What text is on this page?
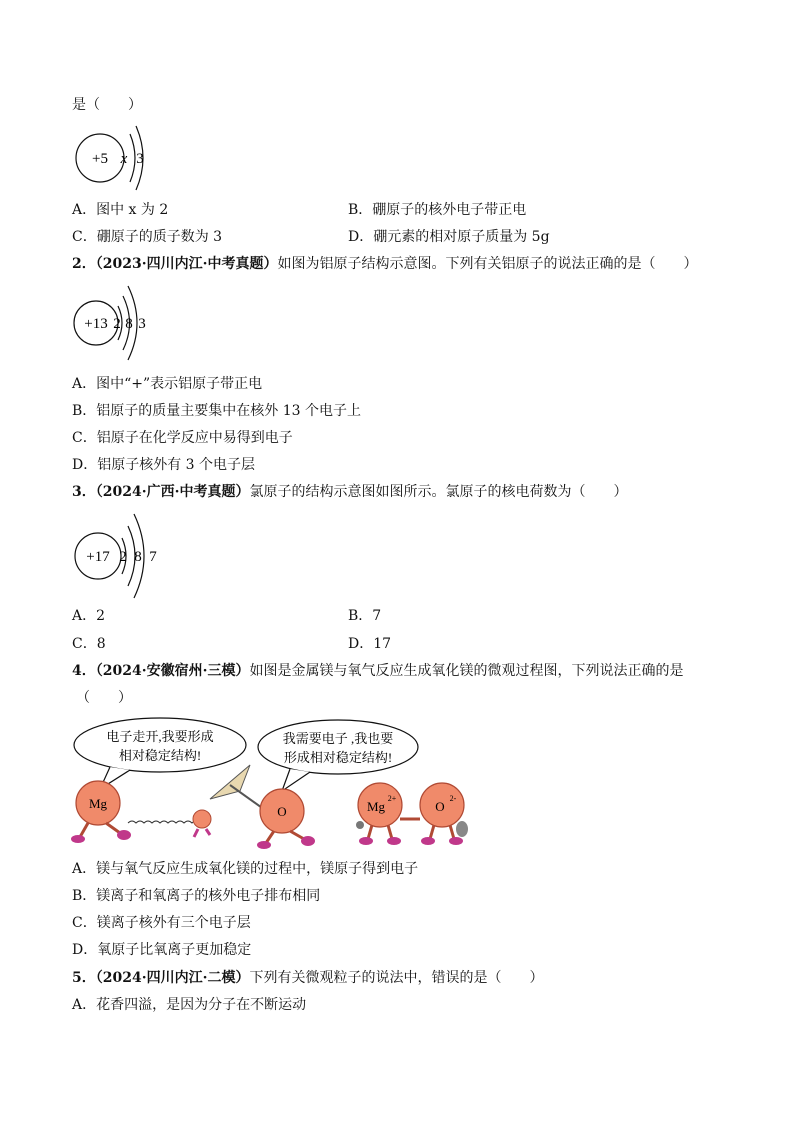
是（　　）
+5 x 3
A．图中 x 为 2	B．硼原子的核外电子带正电
C．硼原子的质子数为 3	D．硼元素的相对原子质量为 5g
2．（2023·四川内江·中考真题）如图为铝原子结构示意图。下列有关铝原子的说法正确的是（　　）
+13 2 8 3
A．图中“+”表示铝原子带正电
B．铝原子的质量主要集中在核外 13 个电子上
C．铝原子在化学反应中易得到电子
D．铝原子核外有 3 个电子层
3．（2024·广西·中考真题）氯原子的结构示意图如图所示。氯原子的核电荷数为（　　）
+17 2 8 7
A．2	B．7
C．8	D．17
4．（2024·安徽宿州·三模）如图是金属镁与氧气反应生成氧化镁的微观过程图，下列说法正确的是
（　　）
电子走开,我要形成
相对稳定结构!
我需要电子 ,我也要
形成相对稳定结构!
Mg
O	Mg
2+
O
2-
A．镁与氧气反应生成氧化镁的过程中，镁原子得到电子
B．镁离子和氧离子的核外电子排布相同
C．镁离子核外有三个电子层
D．氧原子比氧离子更加稳定
5．（2024·四川内江·二模）下列有关微观粒子的说法中，错误的是（　　）
A．花香四溢，是因为分子在不断运动
